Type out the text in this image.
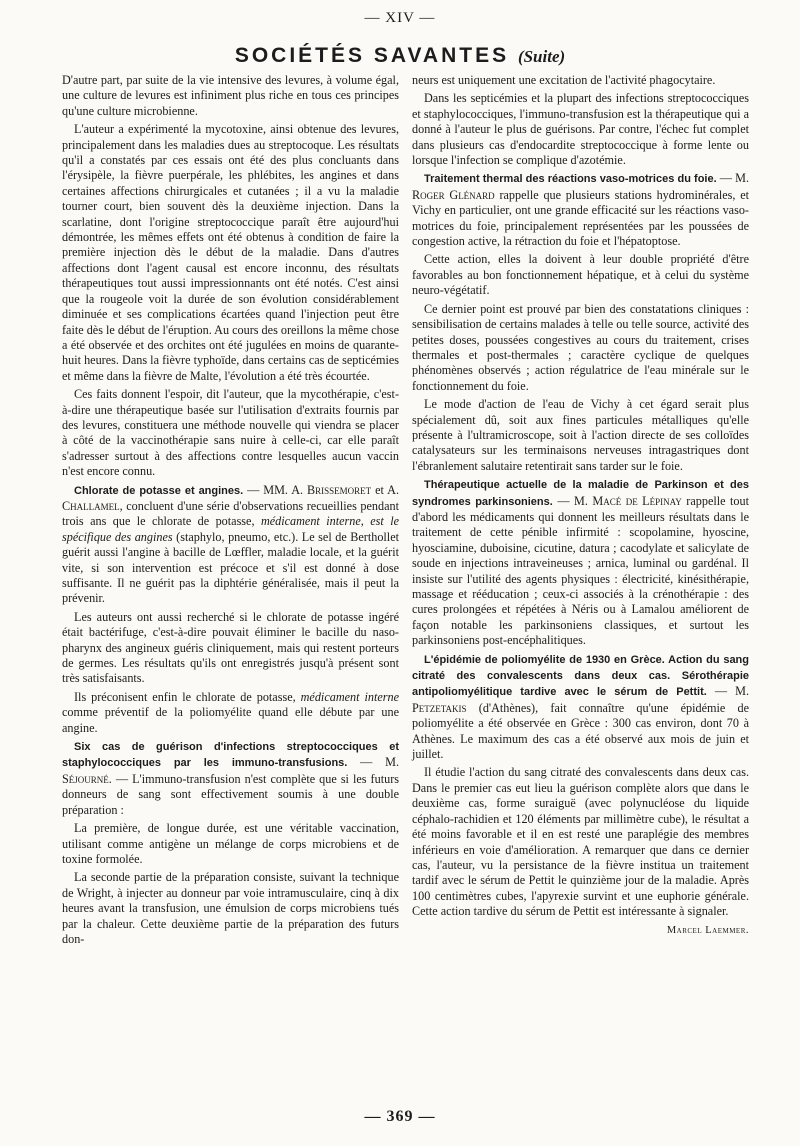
— XIV —
SOCIÉTÉS SAVANTES (Suite)

D'autre part, par suite de la vie intensive des levures, à volume égal, une culture de levures est infiniment plus riche en tous ces principes qu'une culture microbienne.

L'auteur a expérimenté la mycotoxine, ainsi obtenue des levures, principalement dans les maladies dues au streptocoque. Les résultats qu'il a constatés par ces essais ont été des plus concluants dans l'érysipèle, la fièvre puerpérale, les phlébites, les angines et dans certaines affections chirurgicales et cutanées ; il a vu la maladie tourner court, bien souvent dès la deuxième injection. Dans la scarlatine, dont l'origine streptococcique paraît être aujourd'hui démontrée, les mêmes effets ont été obtenus à condition de faire la première injection dès le début de la maladie. Dans d'autres affections dont l'agent causal est encore inconnu, des résultats thérapeutiques tout aussi impressionnants ont été notés. C'est ainsi que la rougeole voit la durée de son évolution considérablement diminuée et ses complications écartées quand l'injection peut être faite dès le début de l'éruption. Au cours des oreillons la même chose a été observée et des orchites ont été jugulées en moins de quarante-huit heures. Dans la fièvre typhoïde, dans certains cas de septicémies et même dans la fièvre de Malte, l'évolution a été très écourtée.

Ces faits donnent l'espoir, dit l'auteur, que la mycothérapie, c'est-à-dire une thérapeutique basée sur l'utilisation d'extraits fournis par des levures, constituera une méthode nouvelle qui viendra se placer à côté de la vaccinothérapie sans nuire à celle-ci, car elle paraît s'adresser surtout à des affections contre lesquelles aucun vaccin n'est encore connu.

Chlorate de potasse et angines. — MM. A. Brissemoret et A. Challamel, concluent d'une série d'observations recueillies pendant trois ans que le chlorate de potasse, médicament interne, est le spécifique des angines (staphylo, pneumo, etc.). Le sel de Berthollet guérit aussi l'angine à bacille de Lœffler, maladie locale, et la guérit vite, si son intervention est précoce et s'il est donné à dose suffisante. Il ne guérit pas la diphtérie généralisée, mais il peut la prévenir.

Les auteurs ont aussi recherché si le chlorate de potasse ingéré était bactérifuge, c'est-à-dire pouvait éliminer le bacille du naso-pharynx des angineux guéris cliniquement, mais qui restent porteurs de germes. Les résultats qu'ils ont enregistrés jusqu'à présent sont très satisfaisants.

Ils préconisent enfin le chlorate de potasse, médicament interne comme préventif de la poliomyélite quand elle débute par une angine.

Six cas de guérison d'infections streptococciques et staphylococciques par les immuno-transfusions. — M. Séjourné. — L'immuno-transfusion n'est complète que si les futurs donneurs de sang sont effectivement soumis à une double préparation :

La première, de longue durée, est une véritable vaccination, utilisant comme antigène un mélange de corps microbiens et de toxine formolée.

La seconde partie de la préparation consiste, suivant la technique de Wright, à injecter au donneur par voie intramusculaire, cinq à dix heures avant la transfusion, une émulsion de corps microbiens tués par la chaleur. Cette deuxième partie de la préparation des futurs don-

neurs est uniquement une excitation de l'activité phagocytaire.

Dans les septicémies et la plupart des infections streptococciques et staphylococciques, l'immuno-transfusion est la thérapeutique qui a donné à l'auteur le plus de guérisons. Par contre, l'échec fut complet dans plusieurs cas d'endocardite streptococcique à forme lente ou lorsque l'infection se complique d'azotémie.

Traitement thermal des réactions vaso-motrices du foie. — M. Roger Glénard rappelle que plusieurs stations hydrominérales, et Vichy en particulier, ont une grande efficacité sur les réactions vaso-motrices du foie, principalement représentées par les poussées de congestion active, la rétraction du foie et l'hépatoptose.

Cette action, elles la doivent à leur double propriété d'être favorables au bon fonctionnement hépatique, et à celui du système neuro-végétatif.

Ce dernier point est prouvé par bien des constatations cliniques : sensibilisation de certains malades à telle ou telle source, activité des petites doses, poussées congestives au cours du traitement, crises thermales et post-thermales ; caractère cyclique de quelques phénomènes observés ; action régulatrice de l'eau minérale sur le fonctionnement du foie.

Le mode d'action de l'eau de Vichy à cet égard serait plus spécialement dû, soit aux fines particules métalliques qu'elle présente à l'ultramicroscope, soit à l'action directe de ses colloïdes catalysateurs sur les terminaisons nerveuses intragastriques dont l'ébranlement salutaire retentirait sans tarder sur le foie.

Thérapeutique actuelle de la maladie de Parkinson et des syndromes parkinsoniens. — M. Macé de Lépinay rappelle tout d'abord les médicaments qui donnent les meilleurs résultats dans le traitement de cette pénible infirmité : scopolamine, hyoscine, hyosciamine, duboisine, cicutine, datura ; cacodylate et salicylate de soude en injections intraveineuses ; arnica, luminal ou gardénal. Il insiste sur l'utilité des agents physiques : électricité, kinésithérapie, massage et rééducation ; ceux-ci associés à la crénothérapie : des cures prolongées et répétées à Néris ou à Lamalou améliorent de façon notable les parkinsoniens classiques, et surtout les parkinsoniens post-encéphalitiques.

L'épidémie de poliomyélite de 1930 en Grèce. Action du sang citraté des convalescents dans deux cas. Sérothérapie antipoliomyélitique tardive avec le sérum de Pettit. — M. Petzetakis (d'Athènes), fait connaître qu'une épidémie de poliomyélite a été observée en Grèce : 300 cas environ, dont 70 à Athènes. Le maximum des cas a été observé aux mois de juin et juillet.

Il étudie l'action du sang citraté des convalescents dans deux cas. Dans le premier cas eut lieu la guérison complète alors que dans le deuxième cas, forme suraiguë (avec polynucléose du liquide céphalo-rachidien et 120 éléments par millimètre cube), le résultat a été moins favorable et il en est resté une paraplégie des membres inférieurs en voie d'amélioration. A remarquer que dans ce dernier cas, l'auteur, vu la persistance de la fièvre institua un traitement tardif avec le sérum de Pettit le quinzième jour de la maladie. Après 100 centimètres cubes, l'apyrexie survint et une euphorie générale. Cette action tardive du sérum de Pettit est intéressante à signaler.

Marcel Laemmer.

— 369 —
